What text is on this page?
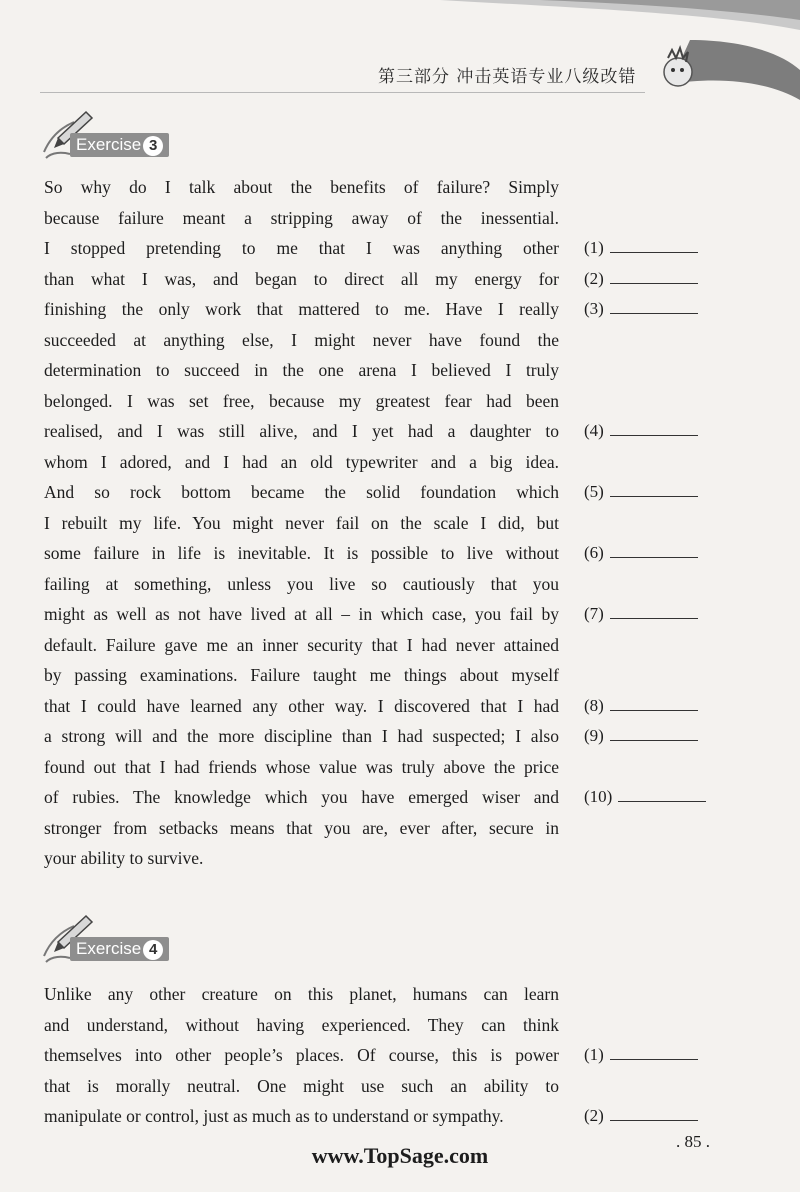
第三部分 冲击英语专业八级改错
Exercise 3
So why do I talk about the benefits of failure? Simply
because failure meant a stripping away of the inessential.
I stopped pretending to me that I was anything other
than what I was, and began to direct all my energy for
finishing the only work that mattered to me. Have I really
succeeded at anything else, I might never have found the
determination to succeed in the one arena I believed I truly
belonged. I was set free, because my greatest fear had been
realised, and I was still alive, and I yet had a daughter to
whom I adored, and I had an old typewriter and a big idea.
And so rock bottom became the solid foundation which
I rebuilt my life. You might never fail on the scale I did, but
some failure in life is inevitable. It is possible to live without
failing at something, unless you live so cautiously that you
might as well as not have lived at all – in which case, you fail by
default. Failure gave me an inner security that I had never attained
by passing examinations. Failure taught me things about myself
that I could have learned any other way. I discovered that I had
a strong will and the more discipline than I had suspected; I also
found out that I had friends whose value was truly above the price
of rubies. The knowledge which you have emerged wiser and
stronger from setbacks means that you are, ever after, secure in
your ability to survive.
(1)
(2)
(3)
(4)
(5)
(6)
(7)
(8)
(9)
(10)
Exercise 4
Unlike any other creature on this planet, humans can learn
and understand, without having experienced. They can think
themselves into other people’s places. Of course, this is power
that is morally neutral. One might use such an ability to
manipulate or control, just as much as to understand or sympathy.
(1)
(2)
. 85 .
www.TopSage.com
